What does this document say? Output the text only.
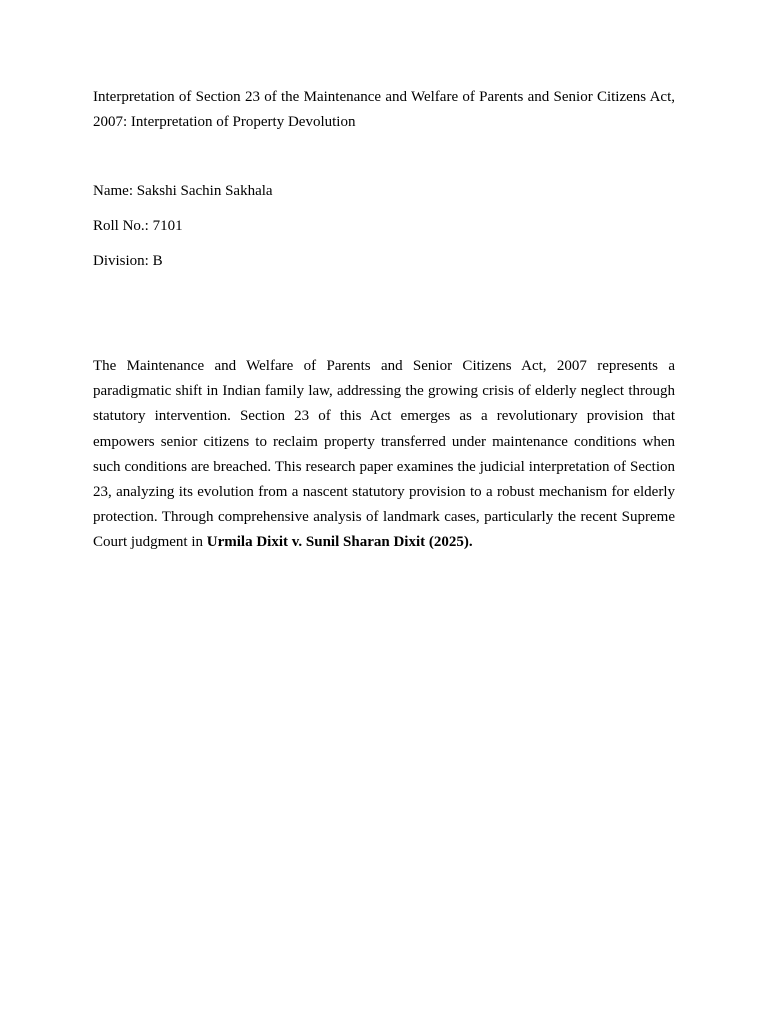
Interpretation of Section 23 of the Maintenance and Welfare of Parents and Senior Citizens Act, 2007: Interpretation of Property Devolution

Name: Sakshi Sachin Sakhala

Roll No.: 7101

Division: B

The Maintenance and Welfare of Parents and Senior Citizens Act, 2007 represents a paradigmatic shift in Indian family law, addressing the growing crisis of elderly neglect through statutory intervention. Section 23 of this Act emerges as a revolutionary provision that empowers senior citizens to reclaim property transferred under maintenance conditions when such conditions are breached. This research paper examines the judicial interpretation of Section 23, analyzing its evolution from a nascent statutory provision to a robust mechanism for elderly protection. Through comprehensive analysis of landmark cases, particularly the recent Supreme Court judgment in Urmila Dixit v. Sunil Sharan Dixit (2025).
